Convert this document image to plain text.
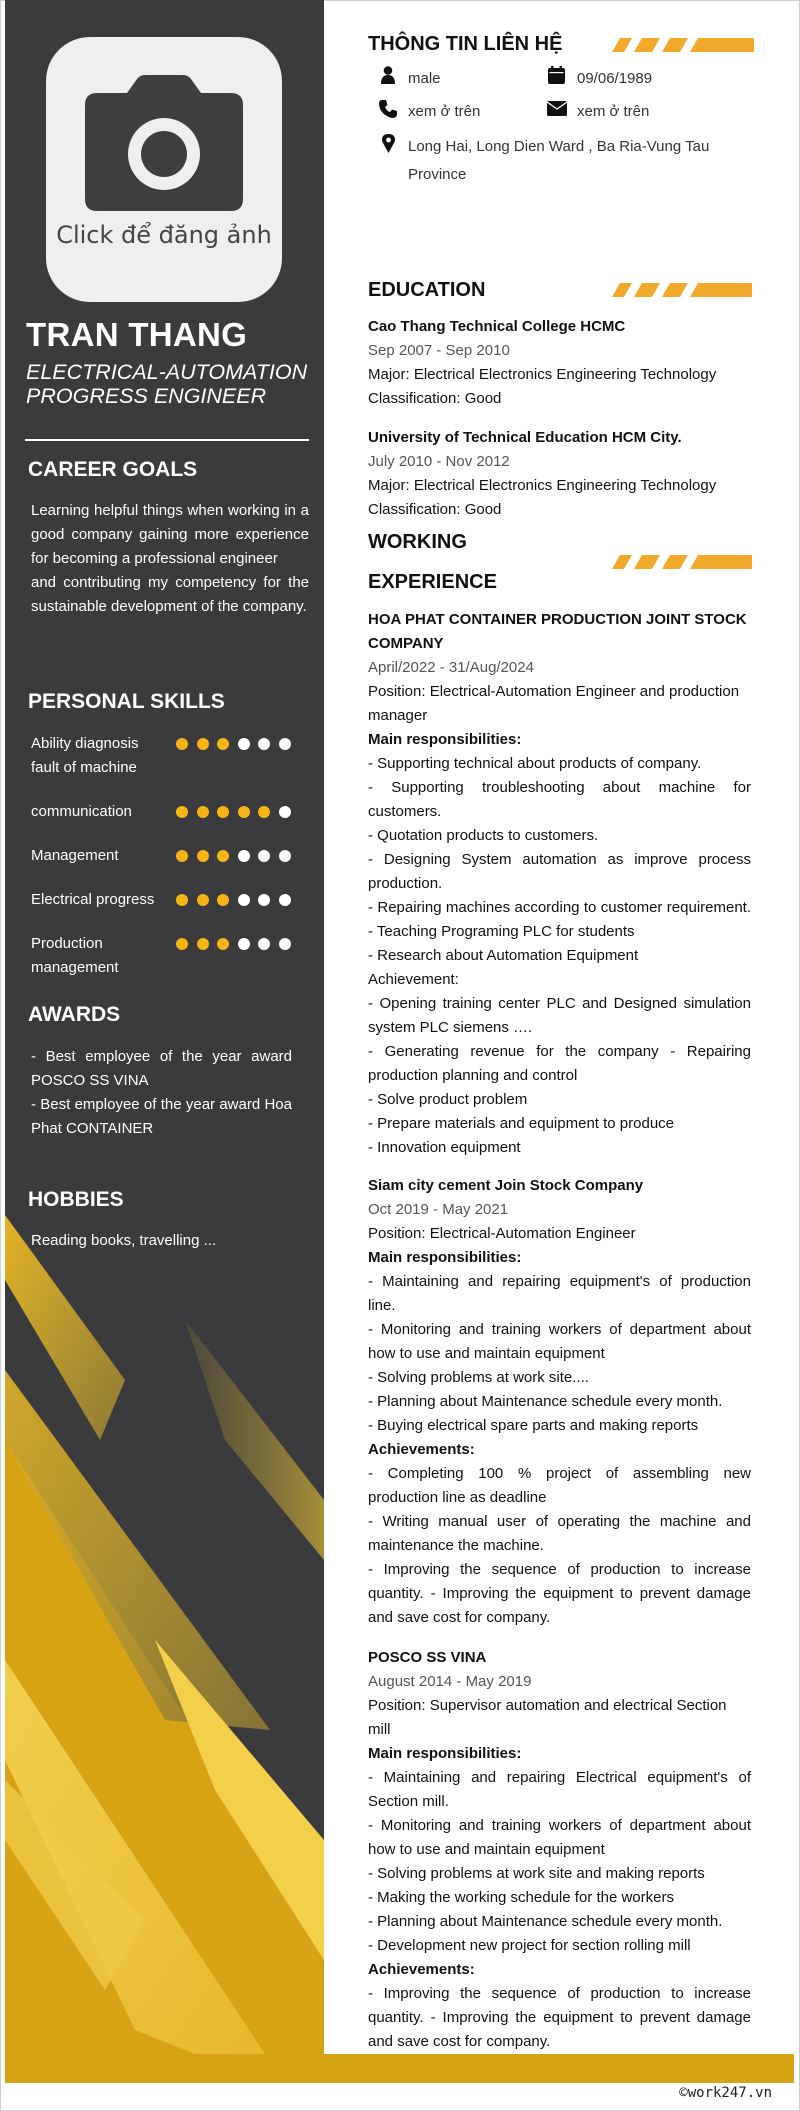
Click để đăng ảnh
TRAN THANG
ELECTRICAL-AUTOMATION PROGRESS ENGINEER
CAREER GOALS
Learning helpful things when working in a good company gaining more experience for becoming a professional engineer
and contributing my competency for the sustainable development of the company.
PERSONAL SKILLS
Ability diagnosis fault of machine
communication
Management
Electrical progress
Production management
AWARDS
- Best employee of the year award POSCO SS VINA
- Best employee of the year award Hoa Phat CONTAINER
HOBBIES
Reading books, travelling ...
THÔNG TIN LIÊN HỆ
male	09/06/1989
xem ở trên	xem ở trên
Long Hai, Long Dien Ward , Ba Ria-Vung Tau Province
EDUCATION

Cao Thang Technical College HCMC

Sep 2007 - Sep 2010

Major: Electrical Electronics Engineering Technology

Classification: Good

University of Technical Education HCM City.

July 2010 - Nov 2012

Major: Electrical Electronics Engineering Technology

Classification: Good

WORKING
EXPERIENCE

HOA PHAT CONTAINER PRODUCTION JOINT STOCK COMPANY

April/2022 - 31/Aug/2024

Position: Electrical-Automation Engineer and production manager

Main responsibilities:

- Supporting technical about products of company.
- Supporting troubleshooting about machine for customers.
- Quotation products to customers.
- Designing System automation as improve process production.
- Repairing machines according to customer requirement. - Teaching Programing PLC for students
- Research about Automation Equipment

Achievement:

- Opening training center PLC and Designed simulation system PLC siemens ….
- Generating revenue for the company - Repairing production planning and control
- Solve product problem
- Prepare materials and equipment to produce
- Innovation equipment

Siam city cement Join Stock Company

Oct 2019 - May 2021

Position: Electrical-Automation Engineer

Main responsibilities:

- Maintaining and repairing equipment's of production line.
- Monitoring and training workers of department about how to use and maintain equipment
- Solving problems at work site....
- Planning about Maintenance schedule every month.
- Buying electrical spare parts and making reports

Achievements:

- Completing 100 % project of assembling new production line as deadline
- Writing manual user of operating the machine and maintenance the machine.
- Improving the sequence of production to increase quantity. - Improving the equipment to prevent damage and save cost for company.

POSCO SS VINA

August 2014 - May 2019

Position: Supervisor automation and electrical Section mill

Main responsibilities:

- Maintaining and repairing Electrical equipment's of Section mill.
- Monitoring and training workers of department about how to use and maintain equipment
- Solving problems at work site and making reports
- Making the working schedule for the workers
- Planning about Maintenance schedule every month.
- Development new project for section rolling mill

Achievements:

- Improving the sequence of production to increase quantity. - Improving the equipment to prevent damage and save cost for company.

©work247.vn
